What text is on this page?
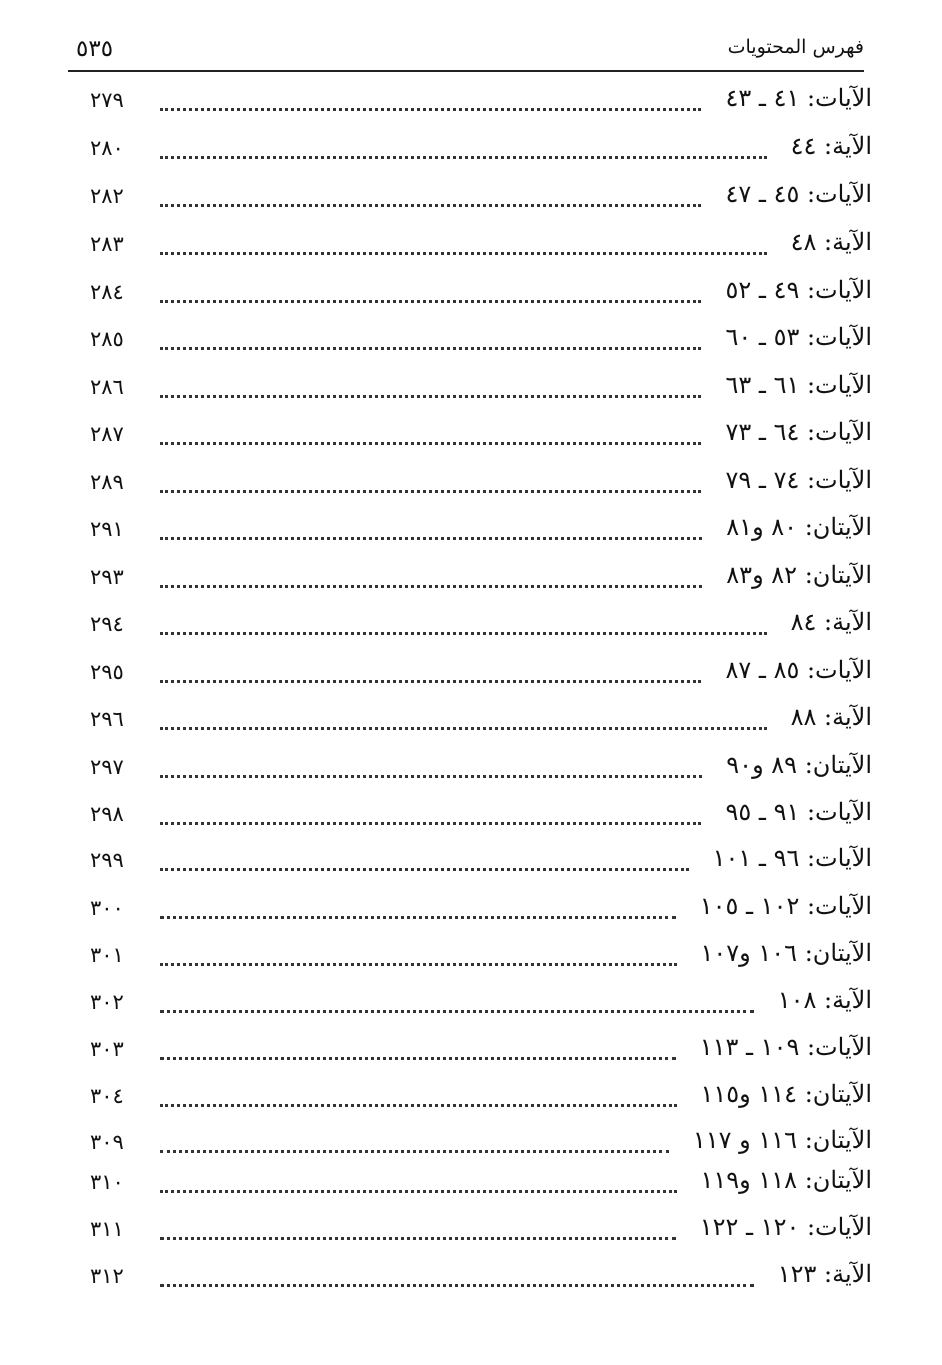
فهرس المحتويات
٥٣٥
٢٧٩	الآيات: ٤١ ـ ٤٣
٢٨٠	الآية: ٤٤
٢٨٢	الآيات: ٤٥ ـ ٤٧
٢٨٣	الآية: ٤٨
٢٨٤	الآيات: ٤٩ ـ ٥٢
٢٨٥	الآيات: ٥٣ ـ ٦٠
٢٨٦	الآيات: ٦١ ـ ٦٣
٢٨٧	الآيات: ٦٤ ـ ٧٣
٢٨٩	الآيات: ٧٤ ـ ٧٩
٢٩١	الآيتان: ٨٠ و٨١
٢٩٣	الآيتان: ٨٢ و٨٣
٢٩٤	الآية: ٨٤
٢٩٥	الآيات: ٨٥ ـ ٨٧
٢٩٦	الآية: ٨٨
٢٩٧	الآيتان: ٨٩ و٩٠
٢٩٨	الآيات: ٩١ ـ ٩٥
٢٩٩	الآيات: ٩٦ ـ ١٠١
٣٠٠	الآيات: ١٠٢ ـ ١٠٥
٣٠١	الآيتان: ١٠٦ و١٠٧
٣٠٢	الآية: ١٠٨
٣٠٣	الآيات: ١٠٩ ـ ١١٣
٣٠٤	الآيتان: ١١٤ و١١٥
٣٠٩	الآيتان: ١١٦ و ١١٧
٣١٠	الآيتان: ١١٨ و١١٩
٣١١	الآيات: ١٢٠ ـ ١٢٢
٣١٢	الآية: ١٢٣
